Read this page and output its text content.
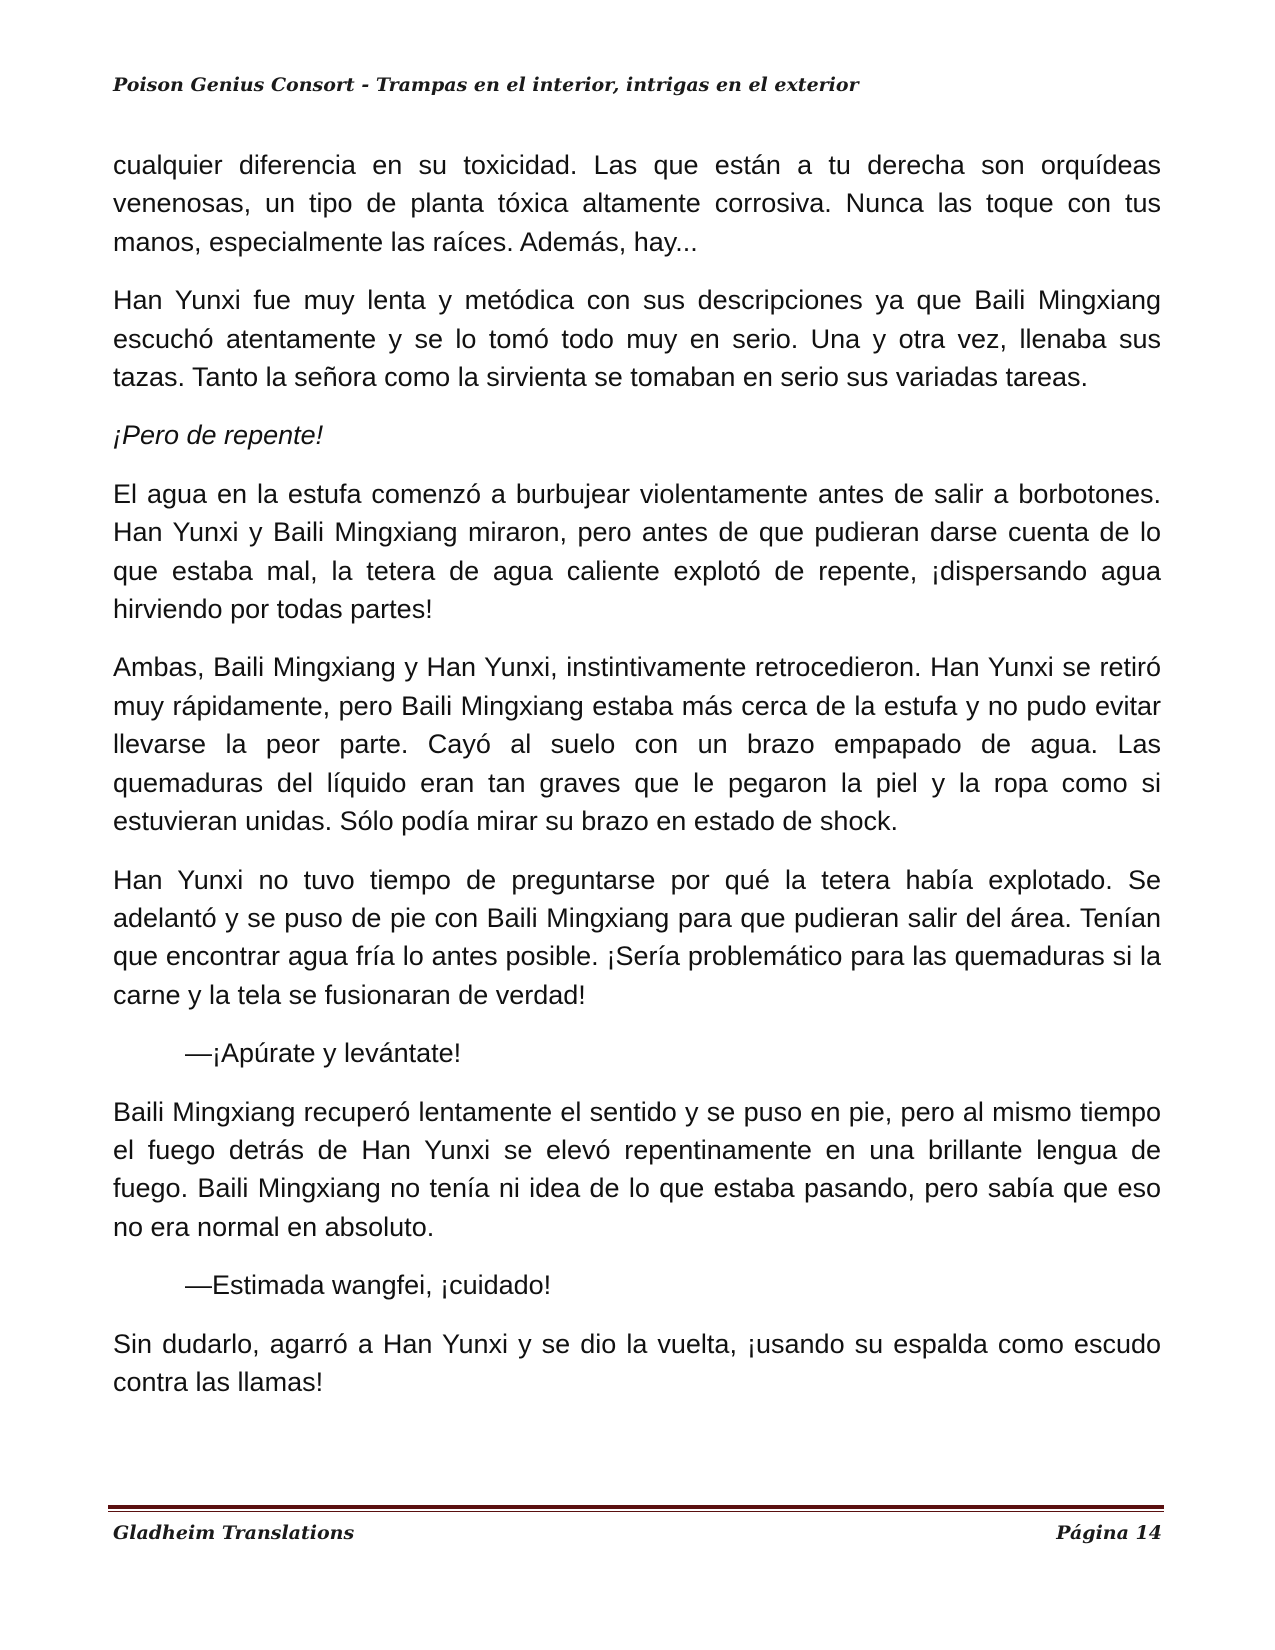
Poison Genius Consort - Trampas en el interior, intrigas en el exterior

cualquier diferencia en su toxicidad. Las que están a tu derecha son orquídeas venenosas, un tipo de planta tóxica altamente corrosiva. Nunca las toque con tus manos, especialmente las raíces. Además, hay...

Han Yunxi fue muy lenta y metódica con sus descripciones ya que Baili Mingxiang escuchó atentamente y se lo tomó todo muy en serio. Una y otra vez, llenaba sus tazas. Tanto la señora como la sirvienta se tomaban en serio sus variadas tareas.

¡Pero de repente!

El agua en la estufa comenzó a burbujear violentamente antes de salir a borbotones. Han Yunxi y Baili Mingxiang miraron, pero antes de que pudieran darse cuenta de lo que estaba mal, la tetera de agua caliente explotó de repente, ¡dispersando agua hirviendo por todas partes!

Ambas, Baili Mingxiang y Han Yunxi, instintivamente retrocedieron. Han Yunxi se retiró muy rápidamente, pero Baili Mingxiang estaba más cerca de la estufa y no pudo evitar llevarse la peor parte. Cayó al suelo con un brazo empapado de agua. Las quemaduras del líquido eran tan graves que le pegaron la piel y la ropa como si estuvieran unidas. Sólo podía mirar su brazo en estado de shock.

Han Yunxi no tuvo tiempo de preguntarse por qué la tetera había explotado. Se adelantó y se puso de pie con Baili Mingxiang para que pudieran salir del área. Tenían que encontrar agua fría lo antes posible. ¡Sería problemático para las quemaduras si la carne y la tela se fusionaran de verdad!

—¡Apúrate y levántate!

Baili Mingxiang recuperó lentamente el sentido y se puso en pie, pero al mismo tiempo el fuego detrás de Han Yunxi se elevó repentinamente en una brillante lengua de fuego. Baili Mingxiang no tenía ni idea de lo que estaba pasando, pero sabía que eso no era normal en absoluto.

—Estimada wangfei, ¡cuidado!

Sin dudarlo, agarró a Han Yunxi y se dio la vuelta, ¡usando su espalda como escudo contra las llamas!

Gladheim Translations	Página 14
